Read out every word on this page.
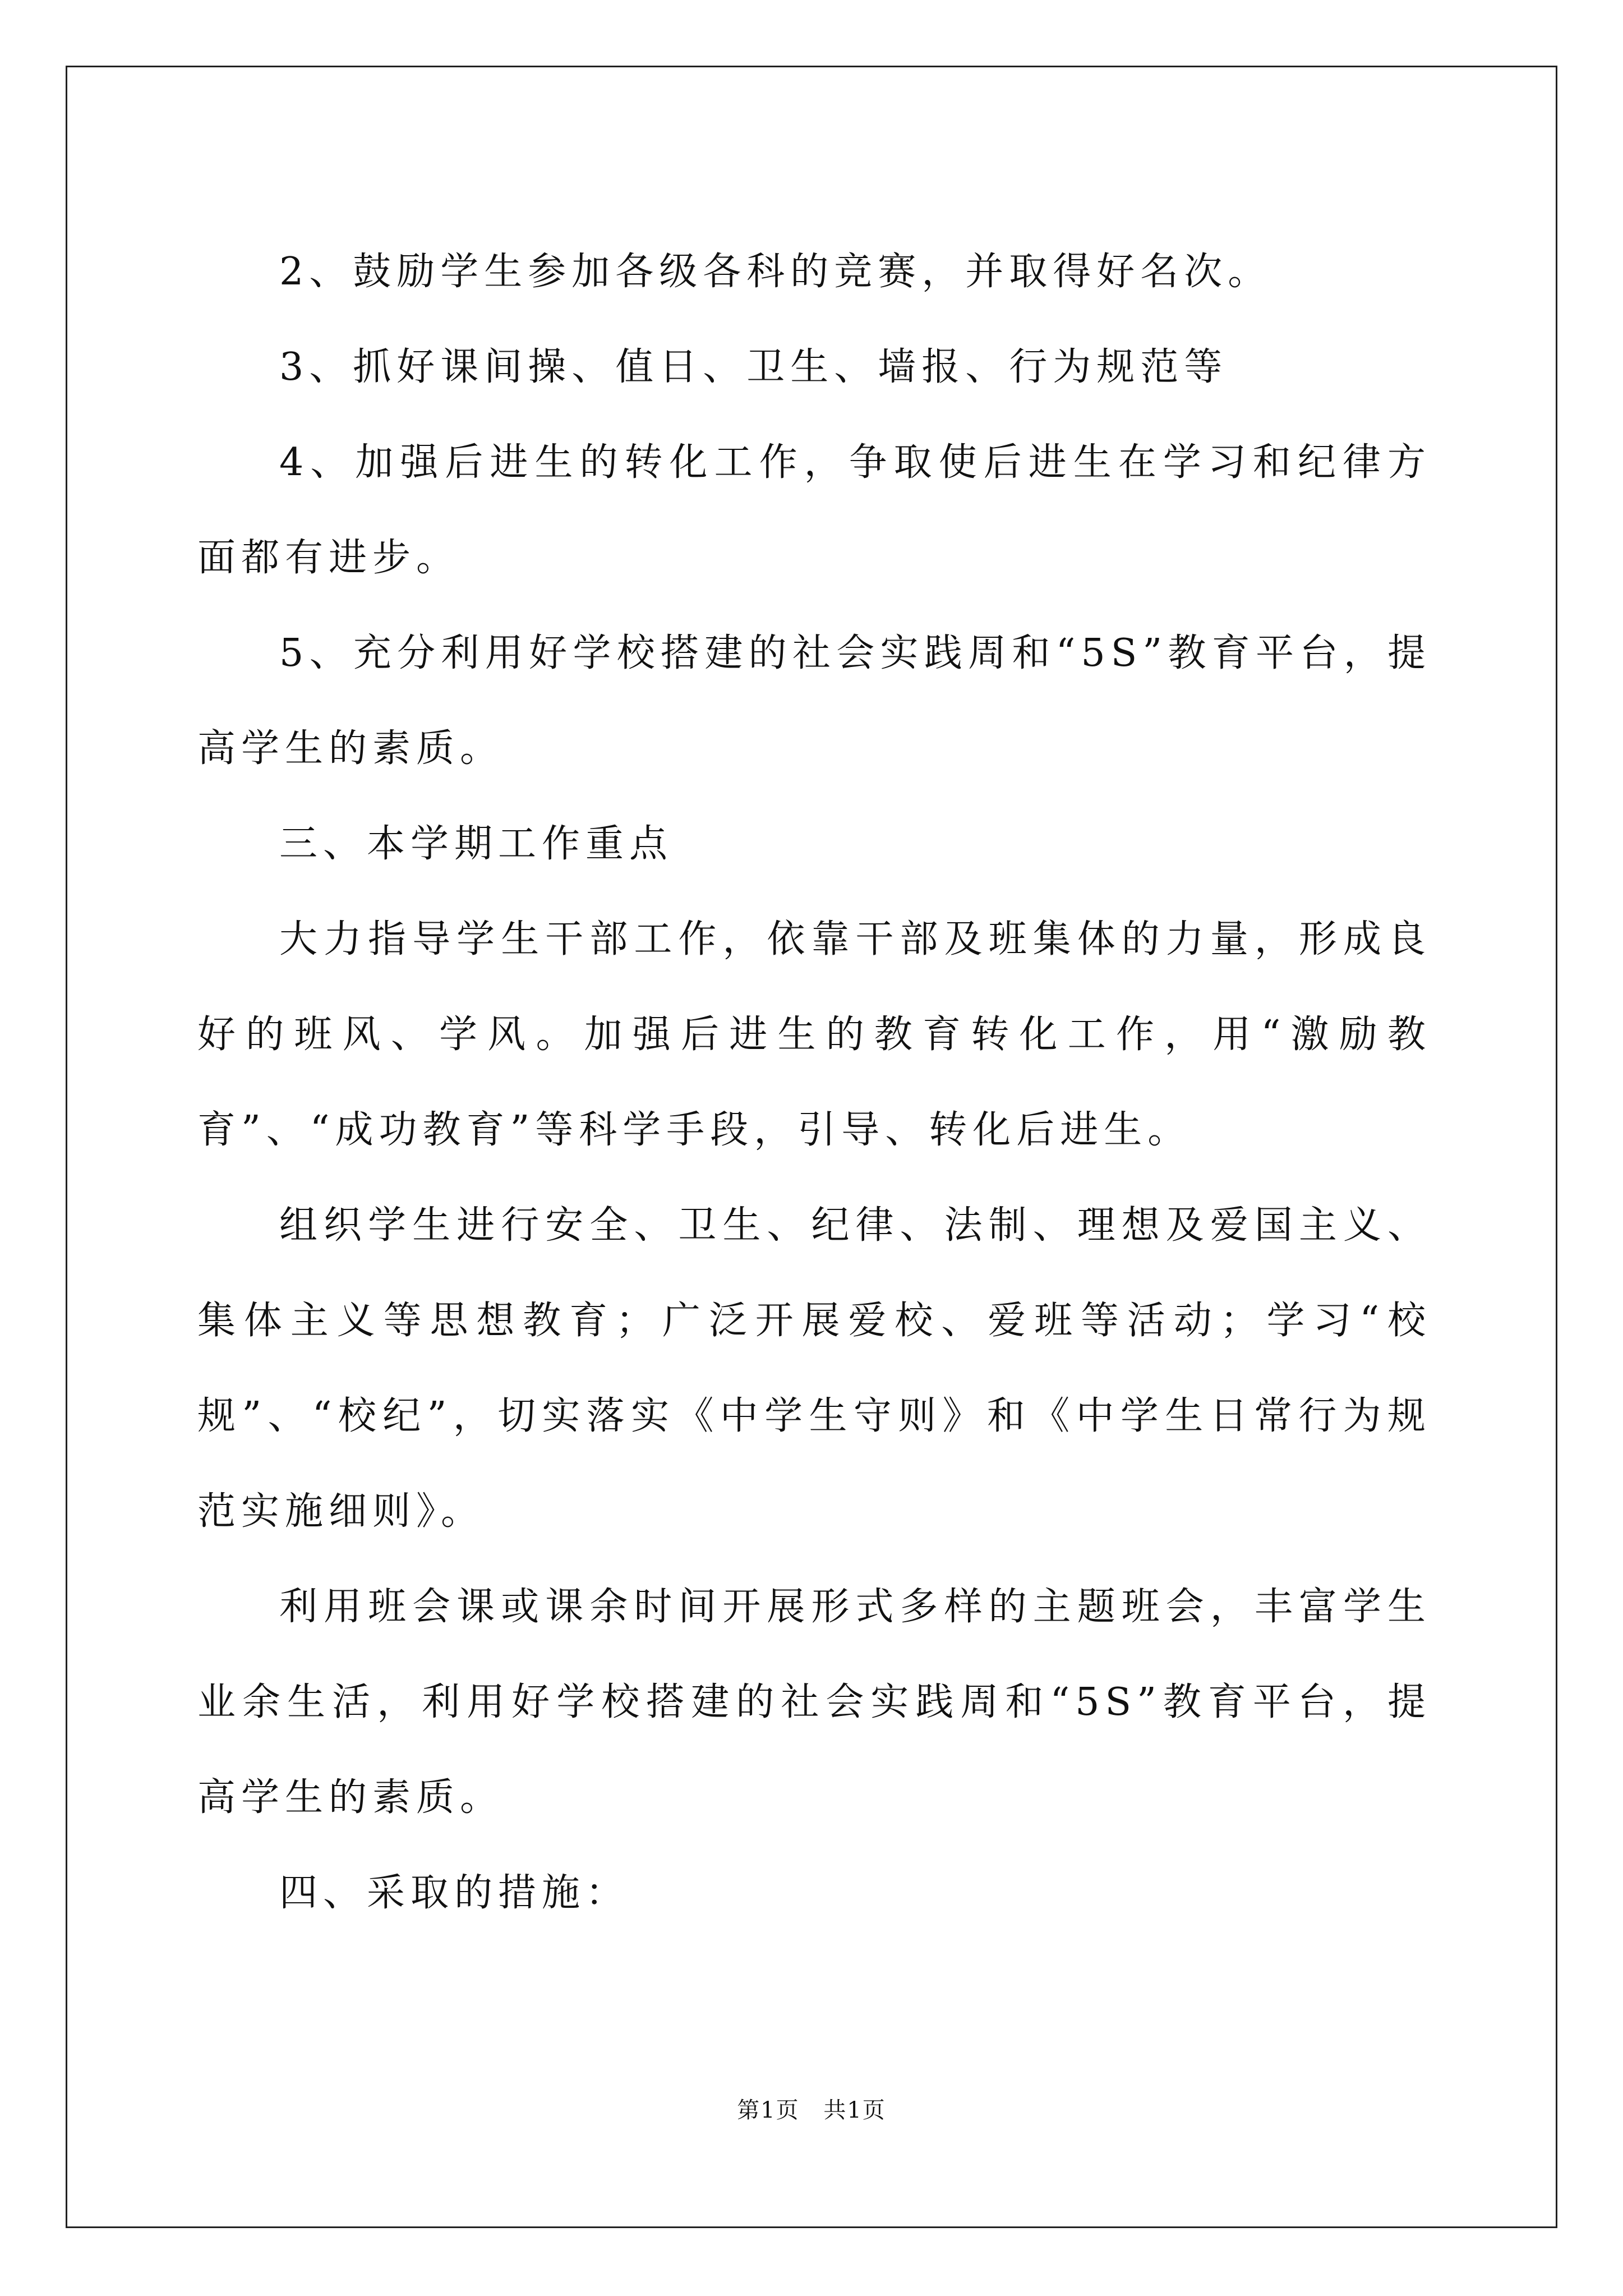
2、鼓励学生参加各级各科的竞赛，并取得好名次。

3、抓好课间操、值日、卫生、墙报、行为规范等

4、加强后进生的转化工作，争取使后进生在学习和纪律方面都有进步。

5、充分利用好学校搭建的社会实践周和“5S”教育平台，提高学生的素质。

三、本学期工作重点

大力指导学生干部工作，依靠干部及班集体的力量，形成良好的班风、学风。加强后进生的教育转化工作，用“激励教育”、“成功教育”等科学手段，引导、转化后进生。

组织学生进行安全、卫生、纪律、法制、理想及爱国主义、集体主义等思想教育；广泛开展爱校、爱班等活动；学习“校规”、“校纪”，切实落实《中学生守则》和《中学生日常行为规范实施细则》。

利用班会课或课余时间开展形式多样的主题班会，丰富学生业余生活，利用好学校搭建的社会实践周和“5S”教育平台，提高学生的素质。

四、采取的措施：

第1页 共1页
